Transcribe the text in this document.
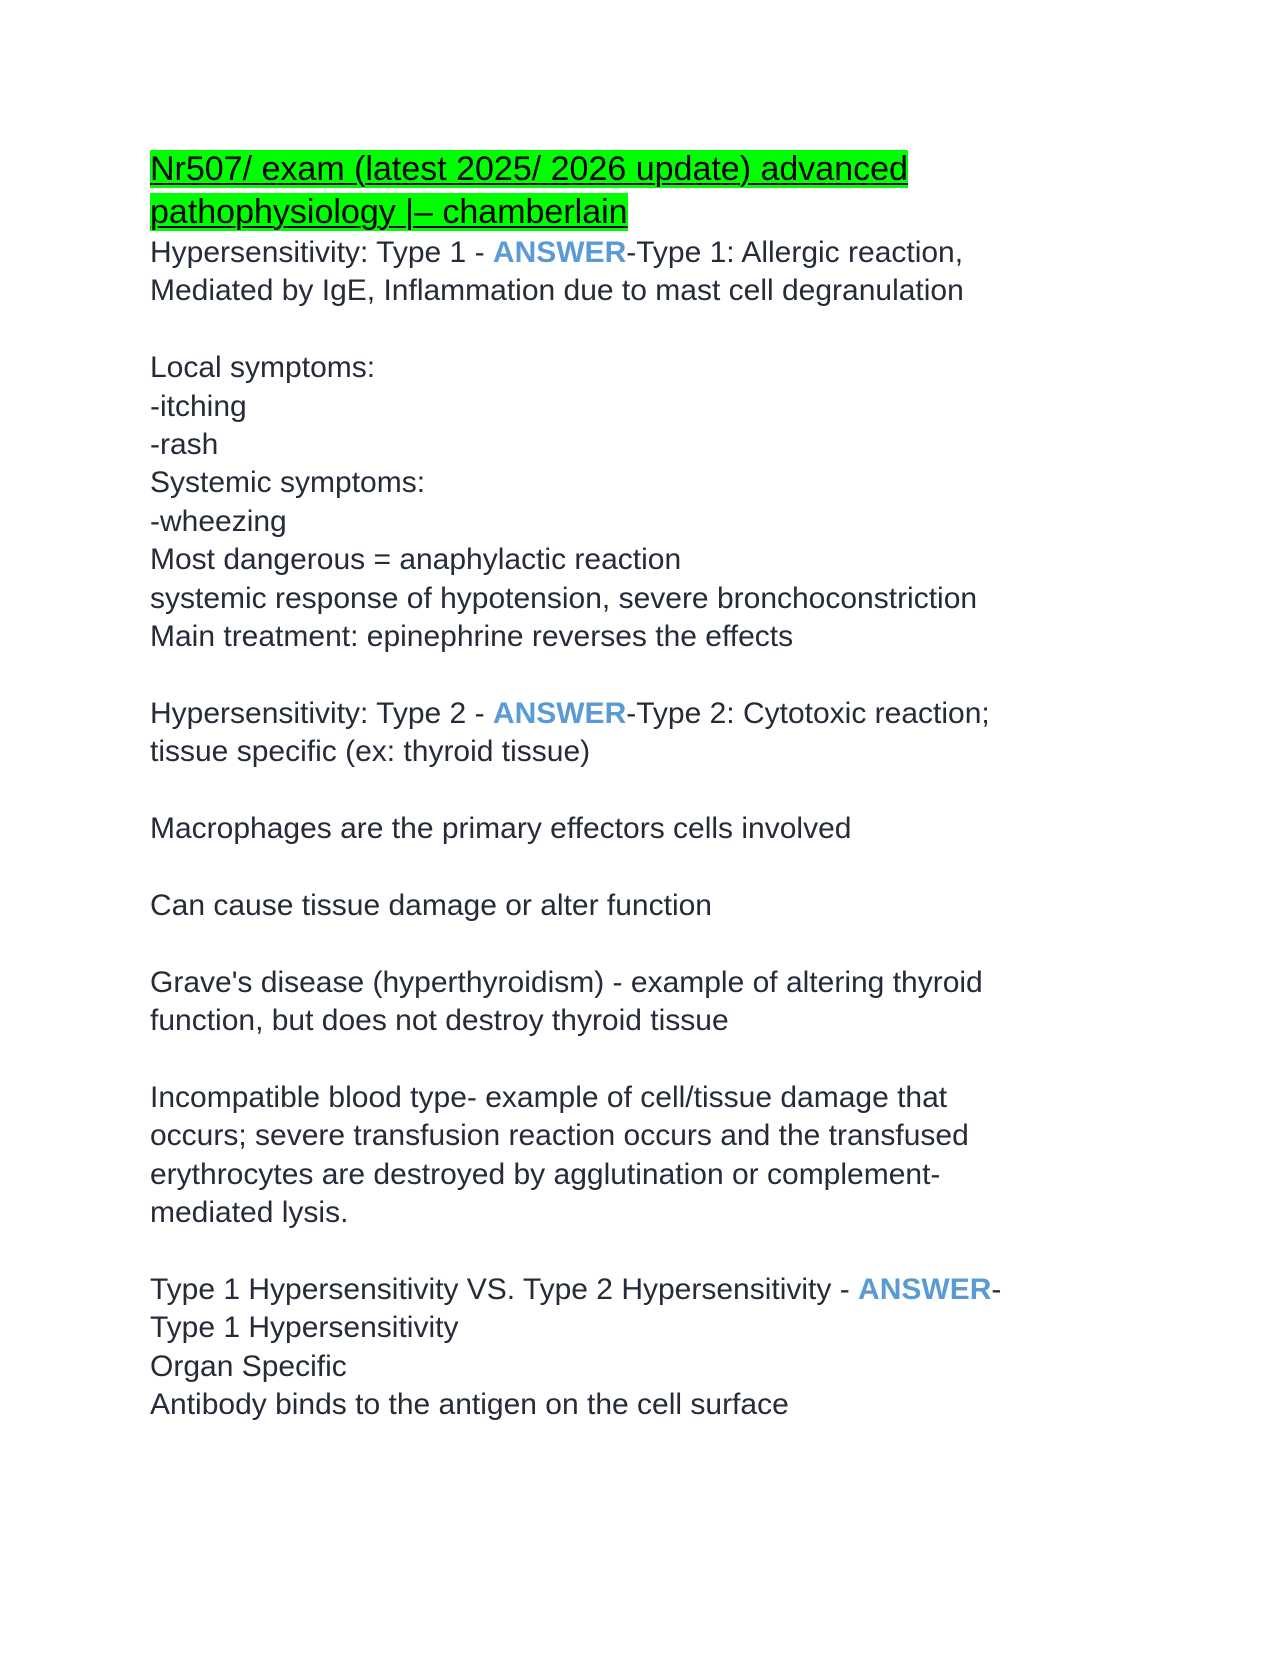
Nr507/ exam (latest 2025/ 2026 update) advanced pathophysiology |– chamberlain
Hypersensitivity: Type 1 - ANSWER-Type 1: Allergic reaction,
Mediated by IgE, Inflammation due to mast cell degranulation
Local symptoms:
-itching
-rash
Systemic symptoms:
-wheezing
Most dangerous = anaphylactic reaction
systemic response of hypotension, severe bronchoconstriction
Main treatment: epinephrine reverses the effects
Hypersensitivity: Type 2 - ANSWER-Type 2: Cytotoxic reaction;
tissue specific (ex: thyroid tissue)
Macrophages are the primary effectors cells involved
Can cause tissue damage or alter function
Grave's disease (hyperthyroidism) - example of altering thyroid
function, but does not destroy thyroid tissue
Incompatible blood type- example of cell/tissue damage that
occurs; severe transfusion reaction occurs and the transfused
erythrocytes are destroyed by agglutination or complement-
mediated lysis.
Type 1 Hypersensitivity VS. Type 2 Hypersensitivity - ANSWER-
Type 1 Hypersensitivity
Organ Specific
Antibody binds to the antigen on the cell surface
